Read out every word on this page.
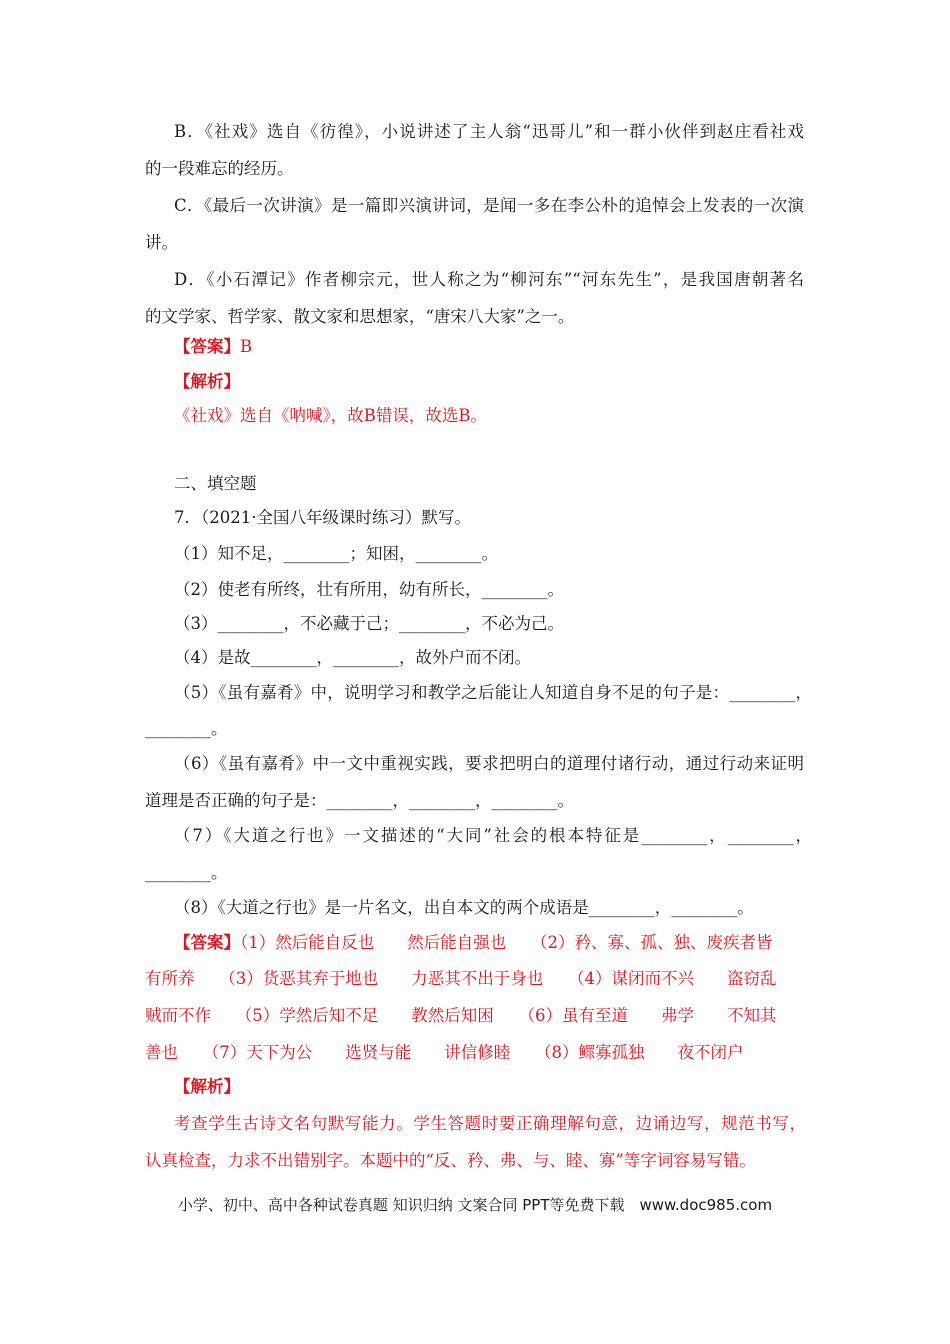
B．《社戏》选自《彷徨》，小说讲述了主人翁“迅哥儿”和一群小伙伴到赵庄看社戏
的一段难忘的经历。
C．《最后一次讲演》是一篇即兴演讲词，是闻一多在李公朴的追悼会上发表的一次演
讲。
D．《小石潭记》作者柳宗元，世人称之为“柳河东”“河东先生”，是我国唐朝著名
的文学家、哲学家、散文家和思想家，“唐宋八大家”之一。
【答案】B
【解析】
《社戏》选自《呐喊》，故B错误，故选B。
二、填空题
7．（2021·全国八年级课时练习）默写。
（1）知不足，________；知困，________。
（2）使老有所终，壮有所用，幼有所长，________。
（3）________，不必藏于己；________，不必为己。
（4）是故________，________，故外户而不闭。
（5）《虽有嘉肴》中，说明学习和教学之后能让人知道自身不足的句子是：________，
________。
（6）《虽有嘉肴》中一文中重视实践，要求把明白的道理付诸行动，通过行动来证明
道理是否正确的句子是：________，________，________。
（7）《大道之行也》一文描述的“大同”社会的根本特征是________，________，
________。
（8）《大道之行也》是一片名文，出自本文的两个成语是________，________。
【答案】（1）然后能自反也　　然后能自强也　　（2）矜、寡、孤、独、废疾者皆
有所养　　（3）货恶其弃于地也　　力恶其不出于身也　　（4）谋闭而不兴　　盗窃乱
贼而不作　　（5）学然后知不足　　教然后知困　　（6）虽有至道　　弗学　　不知其
善也　　（7）天下为公　　选贤与能　　讲信修睦　　（8）鳏寡孤独　　夜不闭户
【解析】
考查学生古诗文名句默写能力。学生答题时要正确理解句意，边诵边写，规范书写，
认真检查，力求不出错别字。本题中的“反、矜、弗、与、睦、寡”等字词容易写错。
小学、初中、高中各种试卷真题 知识归纳 文案合同 PPT等免费下载　www.doc985.com
